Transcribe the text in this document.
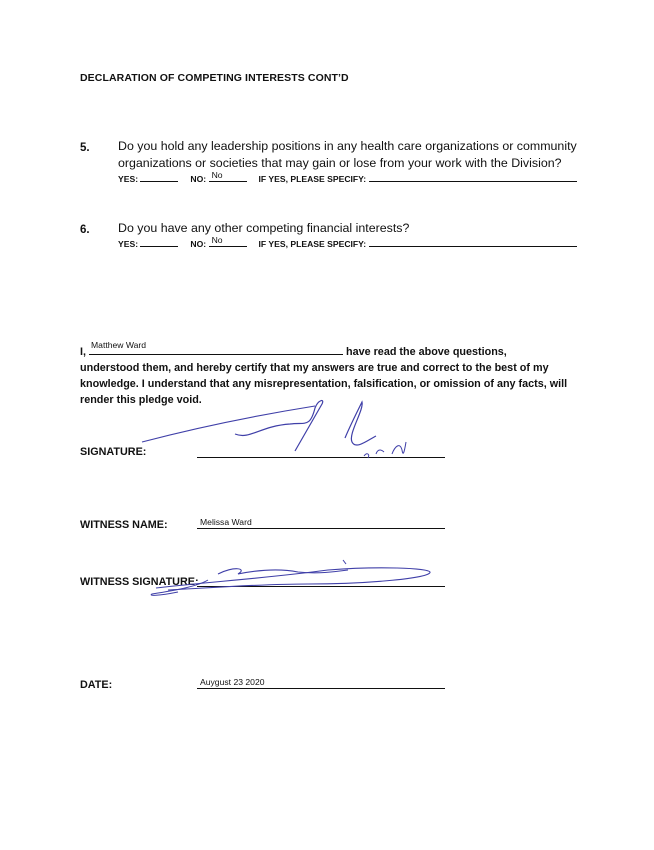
DECLARATION OF COMPETING INTERESTS CONT’D
5. Do you hold any leadership positions in any health care organizations or community organizations or societies that may gain or lose from your work with the Division?
YES:	NO: No	IF YES, PLEASE SPECIFY:
6. Do you have any other competing financial interests?
YES:	NO: No	IF YES, PLEASE SPECIFY:
I,
Matthew Ward
have read the above questions, understood them, and hereby certify that my answers are true and correct to the best of my knowledge. I understand that any misrepresentation, falsification, or omission of any facts, will render this pledge void.
SIGNATURE:
WITNESS NAME:	Melissa Ward
WITNESS SIGNATURE:
DATE:	Auygust 23 2020
